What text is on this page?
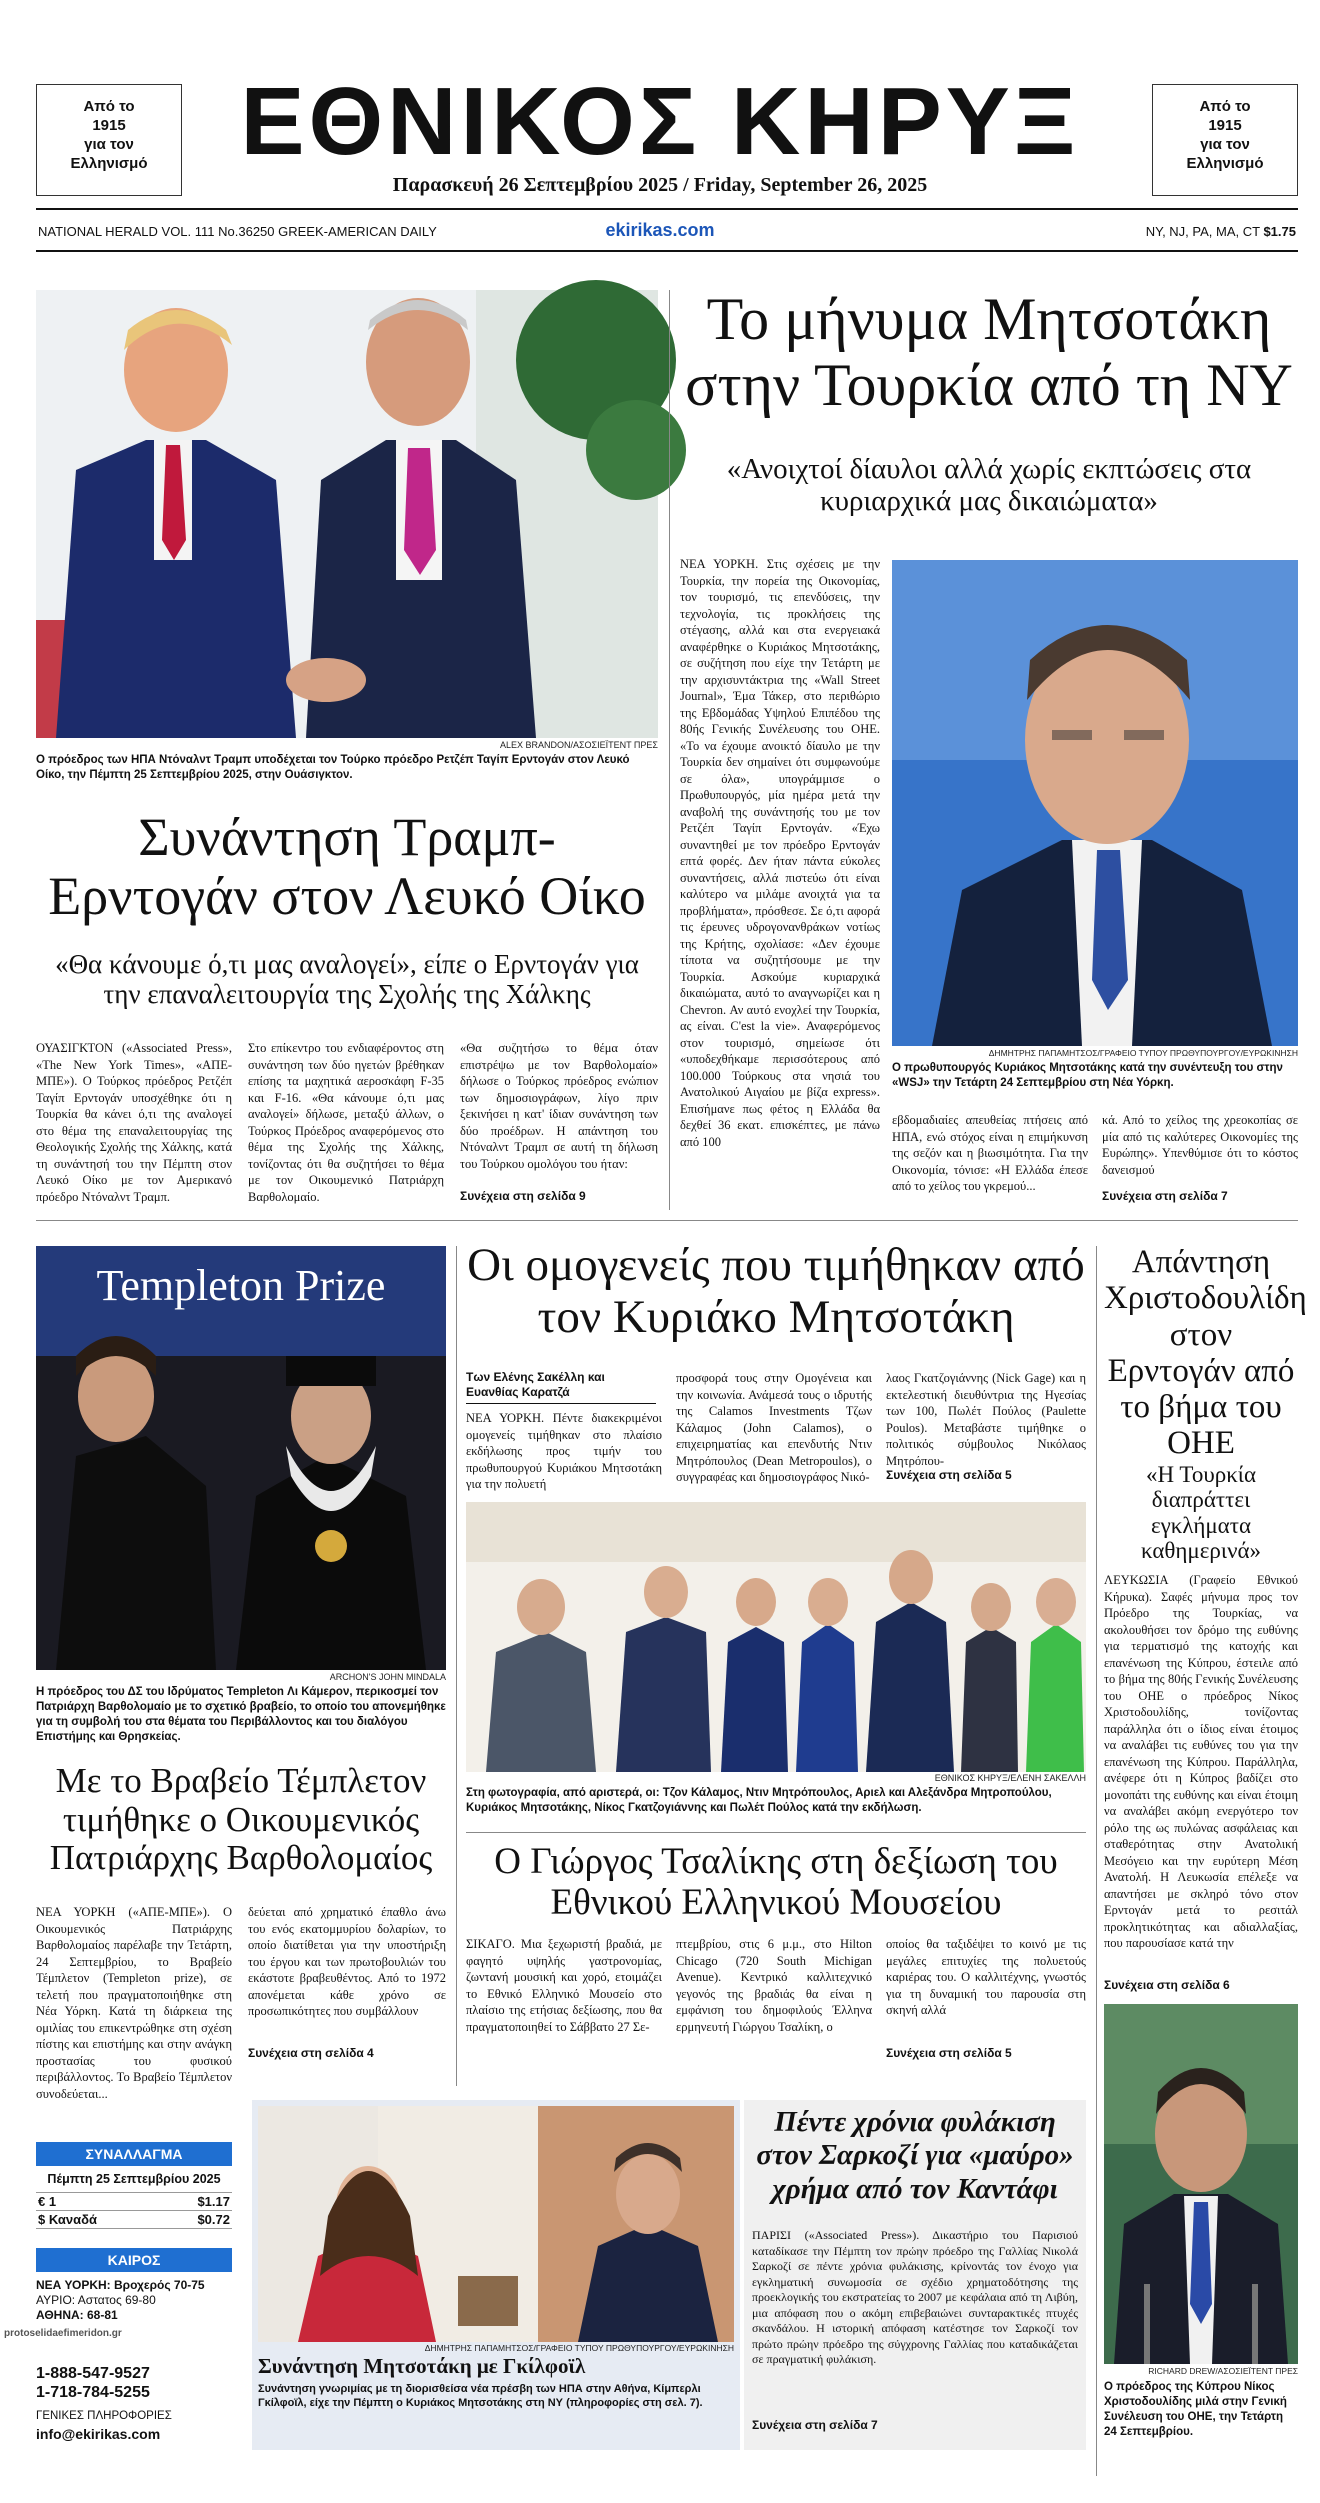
Από το
1915
για τον
Ελληνισμό
Από το
1915
για τον
Ελληνισμό
ΕΘΝΙΚΟΣ ΚΗΡΥΞ
Παρασκευή 26 Σεπτεμβρίου 2025 / Friday, September 26, 2025
NATIONAL HERALD VOL. 111 No.36250 GREEK-AMERICAN DAILY	ekirikas.com	NY, NJ, PA, MA, CT $1.75
ALEX BRANDON/ΑΣΟΣΙΕΪΤΕΝΤ ΠΡΕΣ
Ο πρόεδρος των ΗΠΑ Ντόναλντ Τραμπ υποδέχεται τον Τούρκο πρόεδρο Ρετζέπ Ταγίπ Ερντογάν στον Λευκό Οίκο, την Πέμπτη 25 Σεπτεμβρίου 2025, στην Ουάσιγκτον.
Συνάντηση Τραμπ-Ερντογάν στον Λευκό Οίκο
«Θα κάνουμε ό,τι μας αναλογεί», είπε ο Ερντογάν για την επαναλειτουργία της Σχολής της Χάλκης
ΟΥΑΣΙΓΚΤΟΝ («Associated Press», «The New York Times», «ΑΠΕ-ΜΠΕ»). Ο Τούρκος πρόεδρος Ρετζέπ Ταγίπ Ερντογάν υποσχέθηκε ότι η Τουρκία θα κάνει ό,τι της αναλογεί στο θέμα της επαναλειτουργίας της Θεολογικής Σχολής της Χάλκης, κατά τη συνάντησή του την Πέμπτη στον Λευκό Οίκο με τον Αμερικανό πρόεδρο Ντόναλντ Τραμπ.
Στο επίκεντρο του ενδιαφέροντος στη συνάντηση των δύο ηγετών βρέθηκαν επίσης τα μαχητικά αεροσκάφη F-35 και F-16. «Θα κάνουμε ό,τι μας αναλογεί» δήλωσε, μεταξύ άλλων, ο Τούρκος Πρόεδρος αναφερόμενος στο θέμα της Σχολής της Χάλκης, τονίζοντας ότι θα συζητήσει το θέμα με τον Οικουμενικό Πατριάρχη Βαρθολομαίο.
«Θα συζητήσω το θέμα όταν επιστρέψω με τον Βαρθολομαίο» δήλωσε ο Τούρκος πρόεδρος ενώπιον των δημοσιογράφων, λίγο πριν ξεκινήσει η κατ' ίδιαν συνάντηση των δύο προέδρων. Η απάντηση του Ντόναλντ Τραμπ σε αυτή τη δήλωση του Τούρκου ομολόγου του ήταν:
Συνέχεια στη σελίδα 9
Το μήνυμα Μητσοτάκη στην Τουρκία από τη ΝΥ
«Ανοιχτοί δίαυλοι αλλά χωρίς εκπτώσεις στα κυριαρχικά μας δικαιώματα»
ΝΕΑ ΥΟΡΚΗ. Στις σχέσεις με την Τουρκία, την πορεία της Οικονομίας, τον τουρισμό, τις επενδύσεις, την τεχνολογία, τις προκλήσεις της στέγασης, αλλά και στα ενεργειακά αναφέρθηκε ο Κυριάκος Μητσοτάκης, σε συζήτηση που είχε την Τετάρτη με την αρχισυντάκτρια της «Wall Street Journal», Έμα Τάκερ, στο περιθώριο της Εβδομάδας Υψηλού Επιπέδου της 80ής Γενικής Συνέλευσης του ΟΗΕ. «Το να έχουμε ανοικτό δίαυλο με την Τουρκία δεν σημαίνει ότι συμφωνούμε σε όλα», υπογράμμισε ο Πρωθυπουργός, μία ημέρα μετά την αναβολή της συνάντησής του με τον Ρετζέπ Ταγίπ Ερντογάν. «Έχω συναντηθεί με τον πρόεδρο Ερντογάν επτά φορές. Δεν ήταν πάντα εύκολες συναντήσεις, αλλά πιστεύω ότι είναι καλύτερο να μιλάμε ανοιχτά για τα προβλήματα», πρόσθεσε. Σε ό,τι αφορά τις έρευνες υδρογονανθράκων νοτίως της Κρήτης, σχολίασε: «Δεν έχουμε τίποτα να συζητήσουμε με την Τουρκία. Ασκούμε κυριαρχικά δικαιώματα, αυτό το αναγνωρίζει και η Chevron. Αν αυτό ενοχλεί την Τουρκία, ας είναι. C'est la vie». Αναφερόμενος στον τουρισμό, σημείωσε ότι «υποδεχθήκαμε περισσότερους από 100.000 Τούρκους στα νησιά του Ανατολικού Αιγαίου με βίζα express». Επισήμανε πως φέτος η Ελλάδα θα δεχθεί 36 εκατ. επισκέπτες, με πάνω από 100
ΔΗΜΗΤΡΗΣ ΠΑΠΑΜΗΤΣΟΣ/ΓΡΑΦΕΙΟ ΤΥΠΟΥ ΠΡΩΘΥΠΟΥΡΓΟΥ/ΕΥΡΩΚΙΝΗΣΗ
Ο πρωθυπουργός Κυριάκος Μητσοτάκης κατά την συνέντευξη του στην «WSJ» την Τετάρτη 24 Σεπτεμβρίου στη Νέα Υόρκη.
εβδομαδιαίες απευθείας πτήσεις από ΗΠΑ, ενώ στόχος είναι η επιμήκυνση της σεζόν και η βιωσιμότητα. Για την Οικονομία, τόνισε: «Η Ελλάδα έπεσε από το χείλος του γκρεμού...
κά. Από το χείλος της χρεοκοπίας σε μία από τις καλύτερες Οικονομίες της Ευρώπης». Υπενθύμισε ότι το κόστος δανεισμού
Συνέχεια στη σελίδα 7
Templeton Prize
ARCHON'S JOHN MINDALA
Η πρόεδρος του ΔΣ του Ιδρύματος Templeton Λι Κάμερον, περικοσμεί τον Πατριάρχη Βαρθολομαίο με το σχετικό βραβείο, το οποίο του απονεμήθηκε για τη συμβολή του στα θέματα του Περιβάλλοντος και του διαλόγου Επιστήμης και Θρησκείας.
Με το Βραβείο Τέμπλετον τιμήθηκε ο Οικουμενικός Πατριάρχης Βαρθολομαίος
ΝΕΑ ΥΟΡΚΗ («ΑΠΕ-ΜΠΕ»). Ο Οικουμενικός Πατριάρχης Βαρθολομαίος παρέλαβε την Τετάρτη, 24 Σεπτεμβρίου, το Βραβείο Τέμπλετον (Templeton prize), σε τελετή που πραγματοποιήθηκε στη Νέα Υόρκη. Κατά τη διάρκεια της ομιλίας του επικεντρώθηκε στη σχέση πίστης και επιστήμης και στην ανάγκη προστασίας του φυσικού περιβάλλοντος. Το Βραβείο Τέμπλετον συνοδεύεται...
δεύεται από χρηματικό έπαθλο άνω του ενός εκατομμυρίου δολαρίων, το οποίο διατίθεται για την υποστήριξη του έργου και των πρωτοβουλιών του εκάστοτε βραβευθέντος. Από το 1972 απονέμεται κάθε χρόνο σε προσωπικότητες που συμβάλλουν
Συνέχεια στη σελίδα 4
Οι ομογενείς που τιμήθηκαν από τον Κυριάκο Μητσοτάκη
Των Ελένης Σακέλλη και Ευανθίας Καρατζά
ΝΕΑ ΥΟΡΚΗ. Πέντε διακεκριμένοι ομογενείς τιμήθηκαν στο πλαίσιο εκδήλωσης προς τιμήν του πρωθυπουργού Κυριάκου Μητσοτάκη για την πολυετή
προσφορά τους στην Ομογένεια και την κοινωνία. Ανάμεσά τους ο ιδρυτής της Calamos Investments Τζων Κάλαμος (John Calamos), ο επιχειρηματίας και επενδυτής Ντιν Μητρόπουλος (Dean Metropoulos), ο συγγραφέας και δημοσιογράφος Νικό-
λαος Γκατζογιάννης (Nick Gage) και η εκτελεστική διευθύντρια της Ηγεσίας των 100, Πωλέτ Πούλος (Paulette Poulos). Μεταβάστε τιμήθηκε ο πολιτικός σύμβουλος Νικόλαος Μητρόπου-
Συνέχεια στη σελίδα 5
ΕΘΝΙΚΟΣ ΚΗΡΥΞ/ΕΛΕΝΗ ΣΑΚΕΛΛΗ
Στη φωτογραφία, από αριστερά, οι: Τζον Κάλαμος, Ντιν Μητρόπουλος, Αριελ και Αλεξάνδρα Μητροπούλου, Κυριάκος Μητσοτάκης, Νίκος Γκατζογιάννης και Πωλέτ Πούλος κατά την εκδήλωση.
Ο Γιώργος Τσαλίκης στη δεξίωση του Εθνικού Ελληνικού Μουσείου
ΣΙΚΑΓΟ. Μια ξεχωριστή βραδιά, με φαγητό υψηλής γαστρονομίας, ζωντανή μουσική και χορό, ετοιμάζει το Εθνικό Ελληνικό Μουσείο στο πλαίσιο της ετήσιας δεξίωσης, που θα πραγματοποιηθεί το Σάββατο 27 Σε-
πτεμβρίου, στις 6 μ.μ., στο Hilton Chicago (720 South Michigan Avenue). Κεντρικό καλλιτεχνικό γεγονός της βραδιάς θα είναι η εμφάνιση του δημοφιλούς Έλληνα ερμηνευτή Γιώργου Τσαλίκη, ο
οποίος θα ταξιδέψει το κοινό με τις μεγάλες επιτυχίες της πολυετούς καριέρας του. Ο καλλιτέχνης, γνωστός για τη δυναμική του παρουσία στη σκηνή αλλά
Συνέχεια στη σελίδα 5
Απάντηση Χριστοδουλίδη στον Ερντογάν από το βήμα του ΟΗΕ
«Η Τουρκία διαπράττει εγκλήματα καθημερινά»
ΛΕΥΚΩΣΙΑ (Γραφείο Εθνικού Κήρυκα). Σαφές μήνυμα προς τον Πρόεδρο της Τουρκίας, να ακολουθήσει τον δρόμο της ευθύνης για τερματισμό της κατοχής και επανένωση της Κύπρου, έστειλε από το βήμα της 80ής Γενικής Συνέλευσης του ΟΗΕ ο πρόεδρος Νίκος Χριστοδουλίδης, τονίζοντας παράλληλα ότι ο ίδιος είναι έτοιμος να αναλάβει τις ευθύνες του για την επανένωση της Κύπρου. Παράλληλα, ανέφερε ότι η Κύπρος βαδίζει στο μονοπάτι της ευθύνης και είναι έτοιμη να αναλάβει ακόμη ενεργότερο τον ρόλο της ως πυλώνας ασφάλειας και σταθερότητας στην Ανατολική Μεσόγειο και την ευρύτερη Μέση Ανατολή. Η Λευκωσία επέλεξε να απαντήσει με σκληρό τόνο στον Ερντογάν μετά το ρεσιτάλ προκλητικότητας και αδιαλλαξίας, που παρουσίασε κατά την
Συνέχεια στη σελίδα 6
RICHARD DREW/ΑΣΟΣΙΕΪΤΕΝΤ ΠΡΕΣ
Ο πρόεδρος της Κύπρου Νίκος Χριστοδουλίδης μιλά στην Γενική Συνέλευση του ΟΗΕ, την Τετάρτη 24 Σεπτεμβρίου.
ΣΥΝΑΛΛΑΓΜΑ
Πέμπτη 25 Σεπτεμβρίου 2025
€ 1	$1.17
$ Καναδά	$0.72
ΚΑΙΡΟΣ
ΝΕΑ ΥΟΡΚΗ: Βροχερός 70-75
ΑΥΡΙΟ: Αστατος 69-80
ΑΘΗΝΑ: 68-81
protoselidaefimeridon.gr
1-888-547-9527
1-718-784-5255
ΓΕΝΙΚΕΣ ΠΛΗΡΟΦΟΡΙΕΣ
info@ekirikas.com
ΔΗΜΗΤΡΗΣ ΠΑΠΑΜΗΤΣΟΣ/ΓΡΑΦΕΙΟ ΤΥΠΟΥ ΠΡΩΘΥΠΟΥΡΓΟΥ/ΕΥΡΩΚΙΝΗΣΗ
Συνάντηση Μητσοτάκη με Γκίλφοϊλ
Συνάντηση γνωριμίας με τη διορισθείσα νέα πρέσβη των ΗΠΑ στην Αθήνα, Κίμπερλι Γκίλφοϊλ, είχε την Πέμπτη ο Κυριάκος Μητσοτάκης στη ΝΥ (πληροφορίες στη σελ. 7).
Πέντε χρόνια φυλάκιση στον Σαρκοζί για «μαύρο» χρήμα από τον Καντάφι
ΠΑΡΙΣΙ («Associated Press»). Δικαστήριο του Παρισιού καταδίκασε την Πέμπτη τον πρώην πρόεδρο της Γαλλίας Νικολά Σαρκοζί σε πέντε χρόνια φυλάκισης, κρίνοντάς τον ένοχο για εγκληματική συνωμοσία σε σχέδιο χρηματοδότησης της προεκλογικής του εκστρατείας το 2007 με κεφάλαια από τη Λιβύη, μια απόφαση που ο ακόμη επιβεβαιώνει συνταρακτικές πτυχές σκανδάλου. Η ιστορική απόφαση κατέστησε τον Σαρκοζί τον πρώτο πρώην πρόεδρο της σύγχρονης Γαλλίας που καταδικάζεται σε πραγματική φυλάκιση.
Συνέχεια στη σελίδα 7
